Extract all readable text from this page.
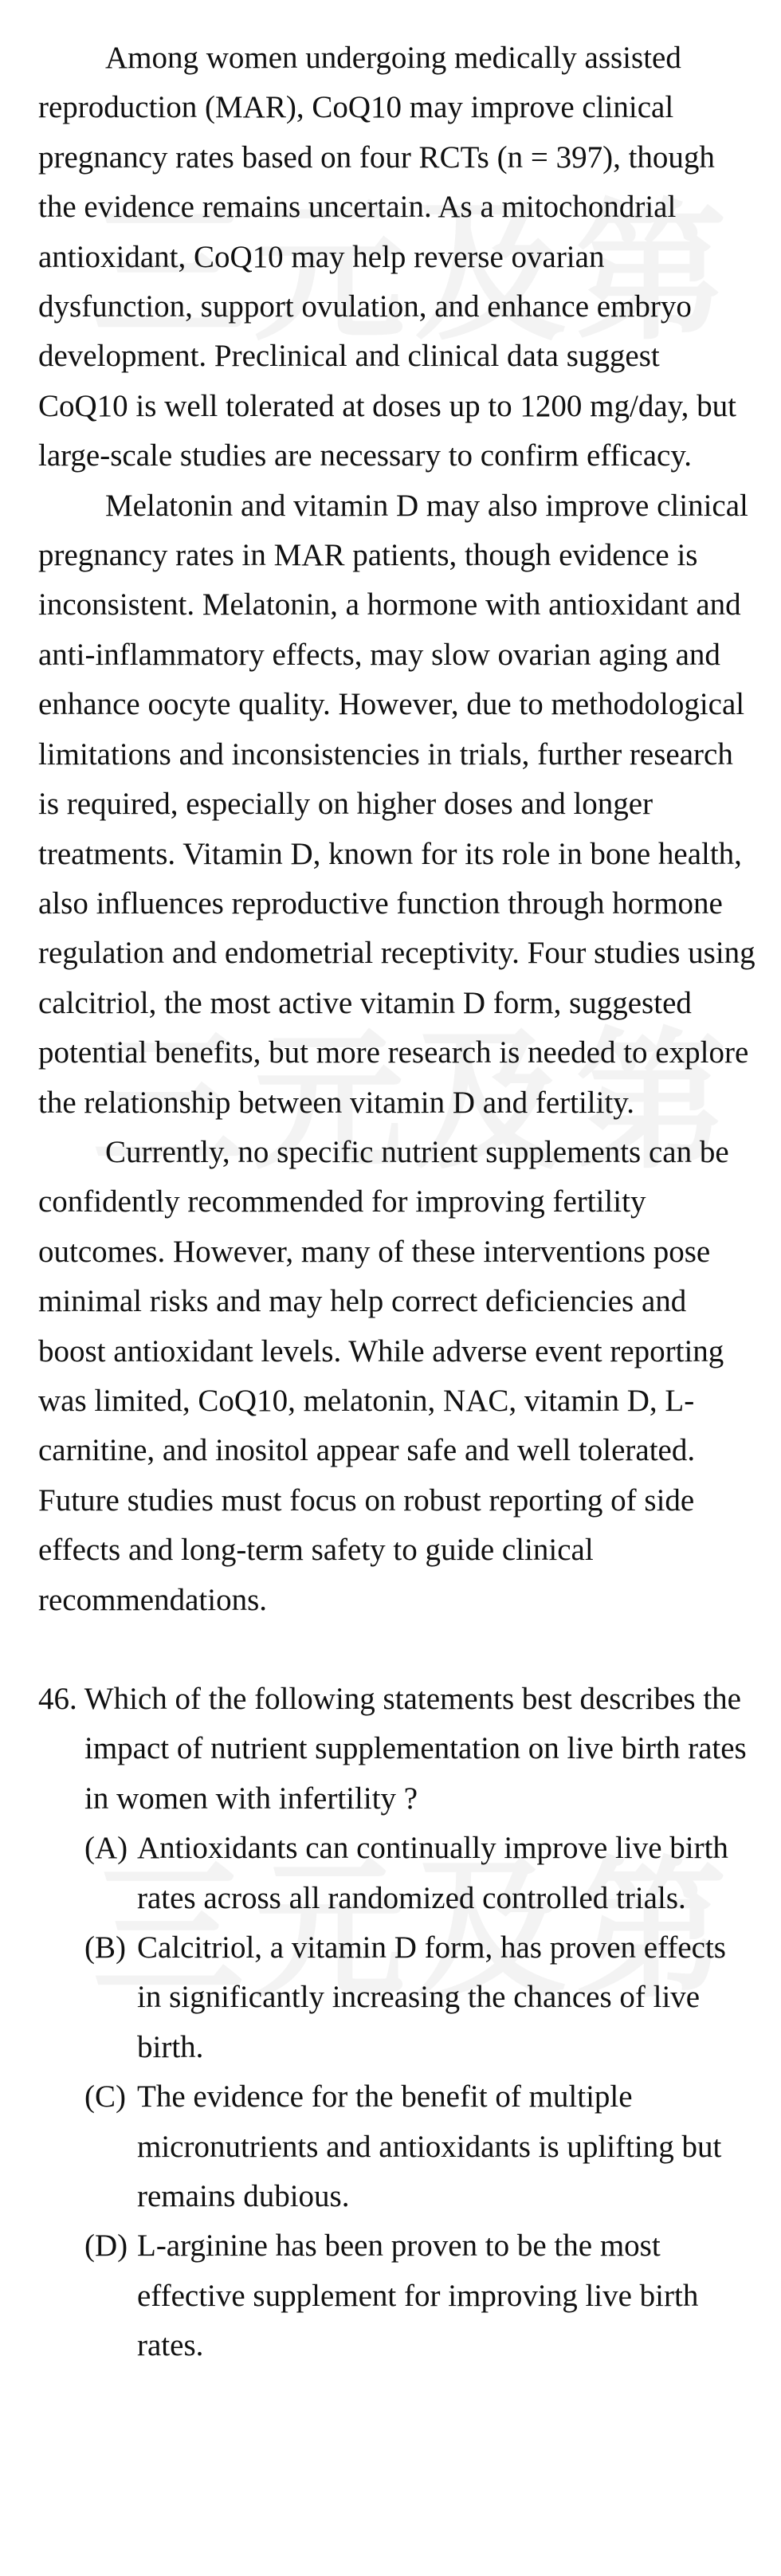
Among women undergoing medically assisted reproduction (MAR), CoQ10 may improve clinical pregnancy rates based on four RCTs (n = 397), though the evidence remains uncertain. As a mitochondrial antioxidant, CoQ10 may help reverse ovarian dysfunction, support ovulation, and enhance embryo development. Preclinical and clinical data suggest CoQ10 is well tolerated at doses up to 1200 mg/day, but large-scale studies are necessary to confirm efficacy.

Melatonin and vitamin D may also improve clinical pregnancy rates in MAR patients, though evidence is inconsistent. Melatonin, a hormone with antioxidant and anti-inflammatory effects, may slow ovarian aging and enhance oocyte quality. However, due to methodological limitations and inconsistencies in trials, further research is required, especially on higher doses and longer treatments. Vitamin D, known for its role in bone health, also influences reproductive function through hormone regulation and endometrial receptivity. Four studies using calcitriol, the most active vitamin D form, suggested potential benefits, but more research is needed to explore the relationship between vitamin D and fertility.

Currently, no specific nutrient supplements can be confidently recommended for improving fertility outcomes. However, many of these interventions pose minimal risks and may help correct deficiencies and boost antioxidant levels. While adverse event reporting was limited, CoQ10, melatonin, NAC, vitamin D, L-carnitine, and inositol appear safe and well tolerated. Future studies must focus on robust reporting of side effects and long-term safety to guide clinical recommendations.

46. Which of the following statements best describes the impact of nutrient supplementation on live birth rates in women with infertility ?

(A) Antioxidants can continually improve live birth rates across all randomized controlled trials.
(B) Calcitriol, a vitamin D form, has proven effects in significantly increasing the chances of live birth.
(C) The evidence for the benefit of multiple micronutrients and antioxidants is uplifting but remains dubious.
(D) L-arginine has been proven to be the most effective supplement for improving live birth rates.
